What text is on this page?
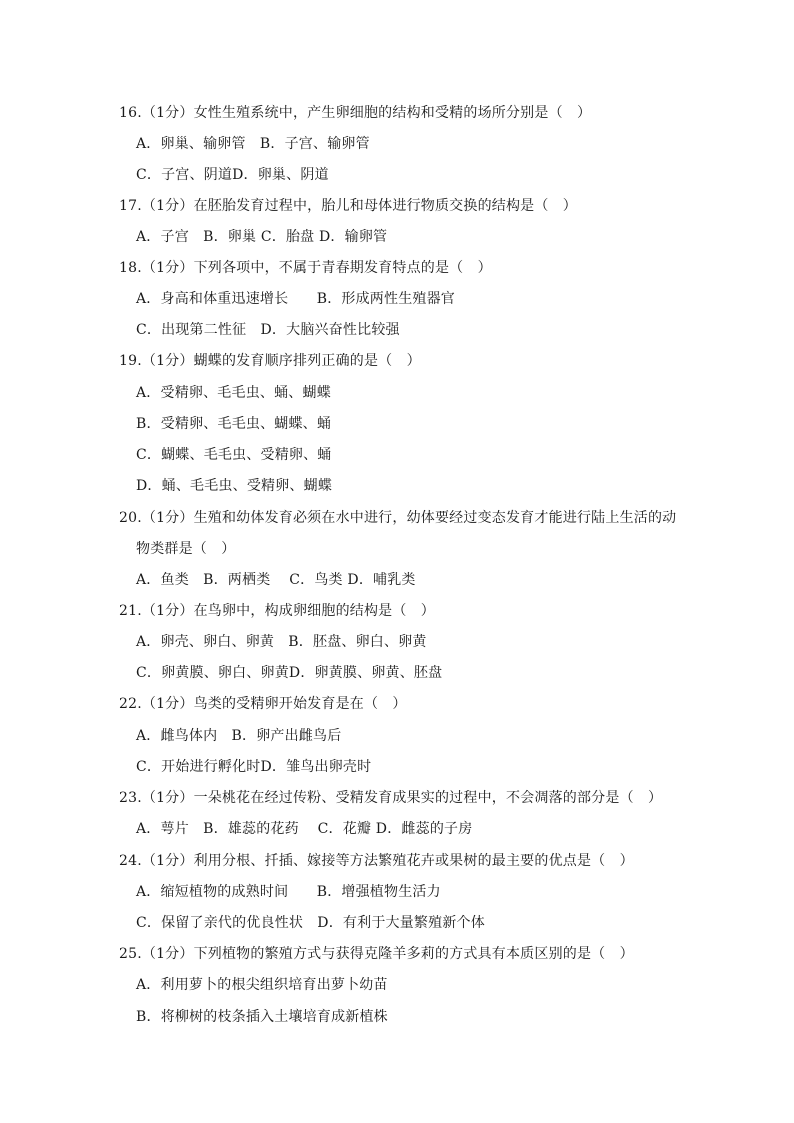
16.（1分）女性生殖系统中，产生卵细胞的结构和受精的场所分别是（　）
A．卵巢、输卵管　B．子宫、输卵管
C．子宫、阴道D．卵巢、阴道
17.（1分）在胚胎发育过程中，胎儿和母体进行物质交换的结构是（　）
A．子宫　B．卵巢 C．胎盘 D．输卵管
18.（1分）下列各项中，不属于青春期发育特点的是（　）
A．身高和体重迅速增长　　B．形成两性生殖器官
C．出现第二性征　D．大脑兴奋性比较强
19.（1分）蝴蝶的发育顺序排列正确的是（　）
A．受精卵、毛毛虫、蛹、蝴蝶
B．受精卵、毛毛虫、蝴蝶、蛹
C．蝴蝶、毛毛虫、受精卵、蛹
D．蛹、毛毛虫、受精卵、蝴蝶
20.（1分）生殖和幼体发育必须在水中进行，幼体要经过变态发育才能进行陆上生活的动
物类群是（　）
A．鱼类　B．两栖类　 C．鸟类 D．哺乳类
21.（1分）在鸟卵中，构成卵细胞的结构是（　）
A．卵壳、卵白、卵黄　B．胚盘、卵白、卵黄
C．卵黄膜、卵白、卵黄D．卵黄膜、卵黄、胚盘
22.（1分）鸟类的受精卵开始发育是在（　）
A．雌鸟体内　B．卵产出雌鸟后
C．开始进行孵化时D．雏鸟出卵壳时
23.（1分）一朵桃花在经过传粉、受精发育成果实的过程中，不会凋落的部分是（　）
A．萼片　B．雄蕊的花药　 C．花瓣 D．雌蕊的子房
24.（1分）利用分根、扦插、嫁接等方法繁殖花卉或果树的最主要的优点是（　）
A．缩短植物的成熟时间　　B．增强植物生活力
C．保留了亲代的优良性状　D．有利于大量繁殖新个体
25.（1分）下列植物的繁殖方式与获得克隆羊多莉的方式具有本质区别的是（　）
A．利用萝卜的根尖组织培育出萝卜幼苗
B．将柳树的枝条插入土壤培育成新植株
